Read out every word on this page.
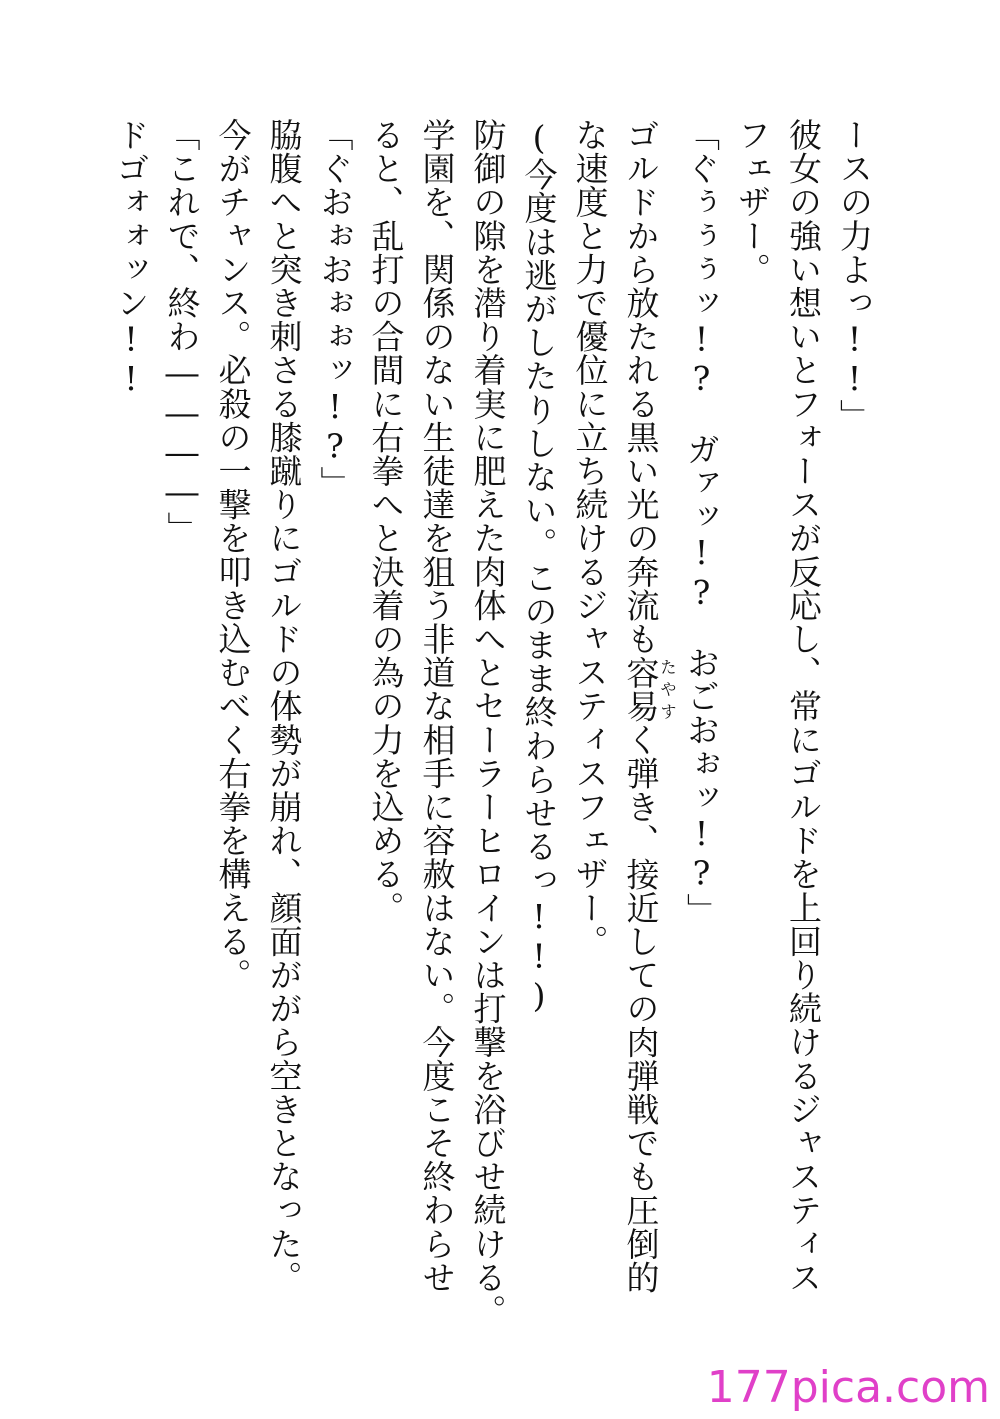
ースの力よっ!!」

彼女の強い想いとフォースが反応し、常にゴルドを上回り続けるジャスティス

フェザー。

「ぐぅぅぅッ!?　ガァッ!?　おごおぉッ!?」

ゴルドから放たれる黒い光の奔流も容易たやすく弾き、接近しての肉弾戦でも圧倒的

な速度と力で優位に立ち続けるジャスティスフェザー。

(今度は逃がしたりしない。このまま終わらせるっ!!)

防御の隙を潜り着実に肥えた肉体へとセーラーヒロインは打撃を浴びせ続ける。

学園を、関係のない生徒達を狙う非道な相手に容赦はない。今度こそ終わらせ

ると、乱打の合間に右拳へと決着の為の力を込める。

「ぐおぉおぉぉッ!?」

脇腹へと突き刺さる膝蹴りにゴルドの体勢が崩れ、顔面ががら空きとなった。

今がチャンス。必殺の一撃を叩き込むべく右拳を構える。

「これで、終わ――――」

ドゴォォッン!!

177pica.com
